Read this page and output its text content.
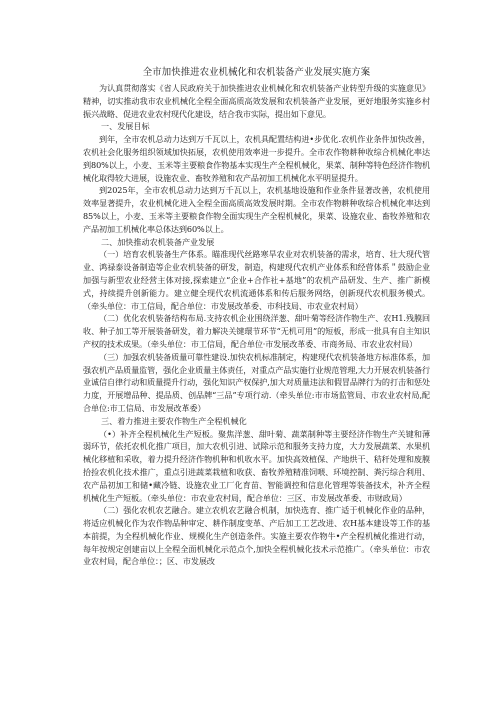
全市加快推进农业机械化和农机装备产业发展实施方案

为认真贯彻落实《省人民政府关于加快推进农业机械化和农机装备产业转型升级的实施意见》精神，切实推动我市农业机械化全程全面高质高效发展和农机装备产业发展，更好地服务实施乡村振兴战略、促进农业农村现代化建设，结合我市实际，提出如下意见。

一、发展目标

到年，全市农机总动力达到万千瓦以上，农机具配置结构进•步优化.农机作业条件加快改善，农机社会化服务组织领域加快拓展，农机使用效率进一步提升。全市农作物耕种收综合机械化率达到80%以上，小麦、玉米等主要粮食作物基本实现生产全程机械化，果菜、制种等特色经济作物机械化取得较大进展，设施农业、畜牧养殖和农产品初加工机械化水平明显提升。

到2025年，全市农机总动力达到万千瓦以上，农机基地设施和作业条件显著改善，农机使用效率显著提升，农业机械化进入全程全面高质高效发展时期。全市农作物耕种收综合机械化率达到85%以上，小麦、玉米等主要粮食作物全面实现生产全程机械化，果菜、设施农业、畜牧养殖和农产品初加工机械化率总体达到60%以上。

二、加快推动农机装备产业发展

（一）培育农机装备生产体系。瞄准现代丝路寒旱农业对农机装备的需求，培育、壮大现代管业、鸿禄泰设备制造等企业农机装备的研发，制造，构建现代农机产业体系和经营体系＂鼓励企业加强与新型农业经营主体对接,探索建立“企业+合作社+基地”的农机产品研发、生产、推广新模式，持续提升创新能力。建立健全现代农机流通体系和传后服务网络，创新现代农机服务模式。（牵头单位：市工信局，配合单位：市发展改革委、市科技局、市农业农村局）

（二）优化农机装备结构布局.支持农机企业围绕洋葱、甜叶菊等经济作物生产、农H1.残膜回收、种子加工等开展装备研发，着力解决关键環节环节“无机可用”的短板，形成一批具有自主知识产权的技术成果。（牵头单位：市工信局，配合单位·市发展改革委、市商务局、市农业农村局）

（三）加强农机装备质量可靠性建设.加快农机标准制定，构建现代农机装备地方标准体系，加强农机产品质量监管，强化企业质量主体责任，对重点产品实施行业规范管理,大力开展农机装备行业诚信自律行动和质量提升行动，强化知识产权保护,加大对质量违法和假冒品牌行为的打击和惩处力度，开展增品种、提品质、创品牌“三品”专项行动.（牵头单位:市市场监管局、市农业农村局,配合单位:市工信局、市发展改革委）

三、着力推进主要农作物生产全程机械化

（•）补齐全程机械化生产短板。聚焦洋葱、甜叶菊、蔬菜制种等主要经济作物生产关键和薄弱环节，依托农机化推广项目，加大农机引进、试除示范和服务支持力度，大力发展蔬菜、水果机械化移植和采收，着力提升经济作物机种和机收水平。加快高效植保、产地烘干、秸秆处理和废膜拾捡农机化技术推广，重点引进蔬菜栽植和收获、畜牧养殖精准饲喂、环境控制、粪污综合利用、农产品初加工和储•藏冷链、设施农业工厂化育苗、智能调控和信息化管理等装备技术，补齐全程机械化生产短板。（牵头单位：市农业农村局，配合单位：三区、市发展改革委、市财政局）

（二）强化农机农艺融合。建立农机农艺融合机制，加快选育、推广适于机械化作业的品种，将适应机械化作为农作物品种审定、耕作制度变革、产后加工工艺改进、农H基本建设等工作的基本前提，为全程机械化作业、规模化生产创造条件。实施主要农作物牛•产全程机械化推进行动，每年按规定创建亩以上全程全面机械化示范点个,加快全程机械化技术示范推广。（牵头单位：市农业农村局，配合单位：；区、市发展改
